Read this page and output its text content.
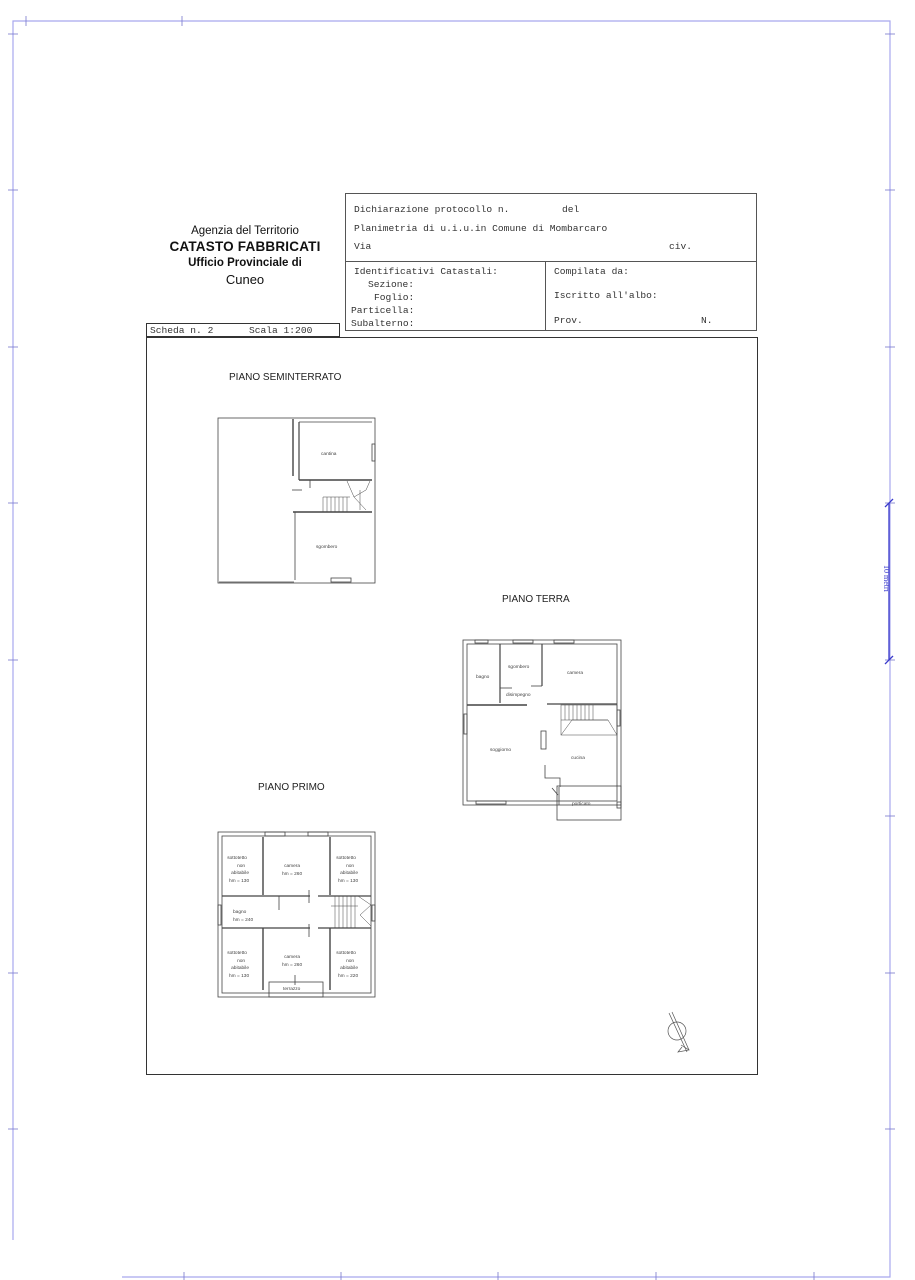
10 metri
Agenzia del Territorio
CATASTO FABBRICATI
Ufficio Provinciale di
Cuneo
Dichiarazione protocollo n.	del
Planimetria di u.i.u.in Comune di Mombarcaro
Via	civ.
Identificativi Catastali:
Sezione:
Foglio:
Particella:
Subalterno:
Compilata da:
Iscritto all'albo:
Prov.	N.
Scheda n. 2	Scala 1:200
PIANO SEMINTERRATO
PIANO TERRA
PIANO PRIMO
cantina
sgombero
bagno
sgombero
camera
disimpegno
soggiorno
cucina
porticato
sottotetto
non
abitabile
hm = 130
camera
hm = 260
sottotetto
non
abitabile
hm = 130
bagno
hm = 240
sottotetto
non
abitabile
hm = 130
camera
hm = 260
sottotetto
non
abitabile
hm = 220
terrazzo
